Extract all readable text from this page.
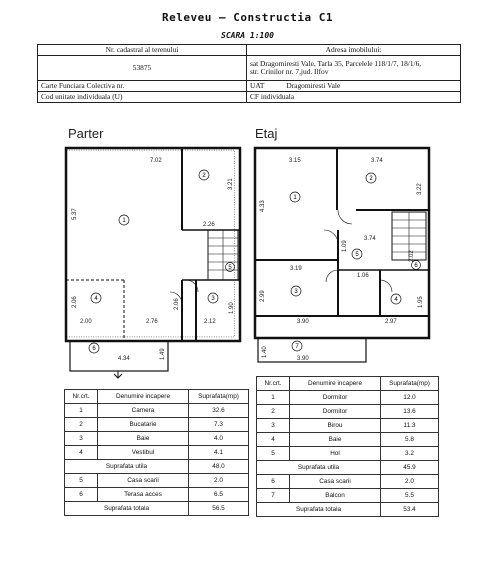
Releveu – Constructia C1
SCARA 1:100
Nr. cadastral al terenului	Adresa imobilului:
53875	sat Dragomiresti Vale, Tarla 35, Parcelele 118/1/7, 18/1/6,
str. Crinilor nr. 7,jud. Ilfov
Carte Funciara Colectiva nr.	UAT Dragomiresti Vale
Cod unitate individuala (U)	CF individuala
Parter
1
2
3
4
5
6
7.02
3.21
2.26
5.37
2.06
2.00	2.76
2.06	1.90
2.12
4.34	1.49
Etaj
1
2
3
4
5
6
7
3.15	3.74
4.33
3.22
3.74
1.09
2.02
3.19
1.06
2.99
1.95
2.97
3.90
1.40
3.90
Nr.crt.	Denumire incapere	Suprafata(mp)
1	Camera	32.6
2	Bucatarie	7.3
3	Baie	4.0
4	Vestibul	4.1
Suprafata utila		48.0
5	Casa scarii	2.0
6	Terasa acces	6.5
Suprafata totala		56.5
Nr.crt.	Denumire incapere	Suprafata(mp)
1	Dormitor	12.0
2	Dormitor	13.6
3	Birou	11.3
4	Baie	5.8
5	Hol	3.2
Suprafata utila		45.9
6	Casa scarii	2.0
7	Balcon	5.5
Suprafata totala		53.4
